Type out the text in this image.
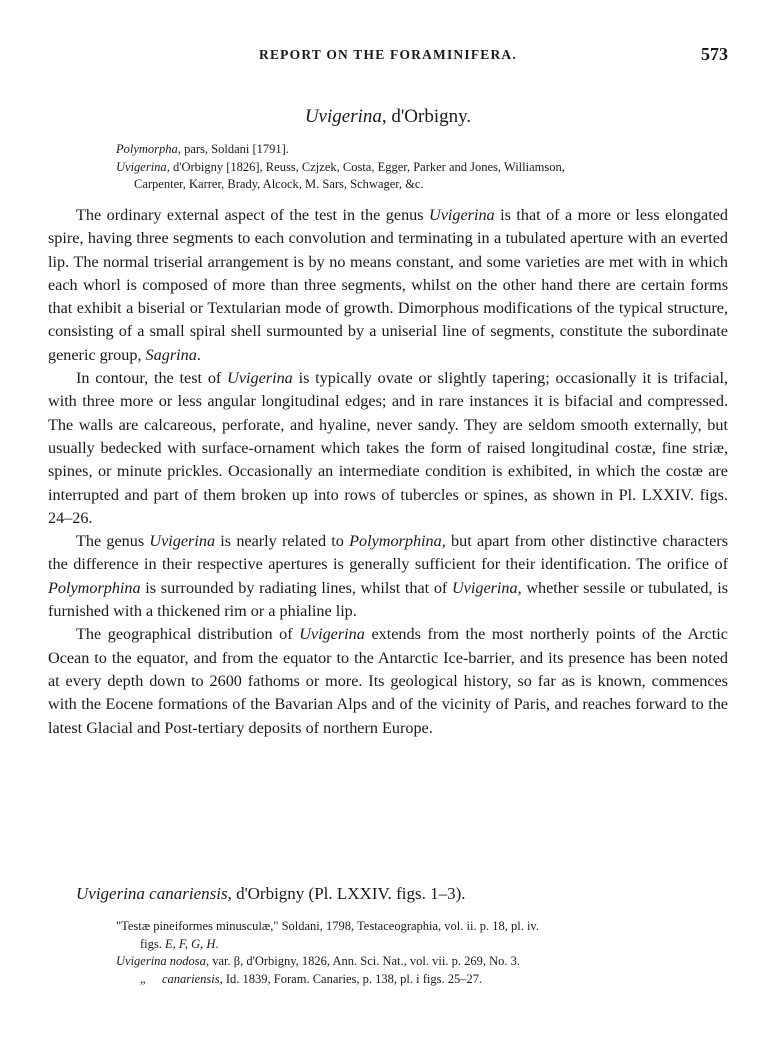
REPORT ON THE FORAMINIFERA.	573
Uvigerina, d'Orbigny.

Polymorpha, pars, Soldani [1791].

Uvigerina, d'Orbigny [1826], Reuss, Czjzek, Costa, Egger, Parker and Jones, Williamson,

Carpenter, Karrer, Brady, Alcock, M. Sars, Schwager, &c.

The ordinary external aspect of the test in the genus Uvigerina is that of a more or less elongated spire, having three segments to each convolution and terminating in a tubulated aperture with an everted lip. The normal triserial arrangement is by no means constant, and some varieties are met with in which each whorl is composed of more than three segments, whilst on the other hand there are certain forms that exhibit a biserial or Textularian mode of growth. Dimorphous modifications of the typical structure, consisting of a small spiral shell surmounted by a uniserial line of segments, constitute the subordinate generic group, Sagrina.

In contour, the test of Uvigerina is typically ovate or slightly tapering; occasionally it is trifacial, with three more or less angular longitudinal edges; and in rare instances it is bifacial and compressed. The walls are calcareous, perforate, and hyaline, never sandy. They are seldom smooth externally, but usually bedecked with surface-ornament which takes the form of raised longitudinal costæ, fine striæ, spines, or minute prickles. Occasionally an intermediate condition is exhibited, in which the costæ are interrupted and part of them broken up into rows of tubercles or spines, as shown in Pl. LXXIV. figs. 24–26.

The genus Uvigerina is nearly related to Polymorphina, but apart from other distinctive characters the difference in their respective apertures is generally sufficient for their identification. The orifice of Polymorphina is surrounded by radiating lines, whilst that of Uvigerina, whether sessile or tubulated, is furnished with a thickened rim or a phialine lip.

The geographical distribution of Uvigerina extends from the most northerly points of the Arctic Ocean to the equator, and from the equator to the Antarctic Ice-barrier, and its presence has been noted at every depth down to 2600 fathoms or more. Its geological history, so far as is known, commences with the Eocene formations of the Bavarian Alps and of the vicinity of Paris, and reaches forward to the latest Glacial and Post-tertiary deposits of northern Europe.

Uvigerina canariensis, d'Orbigny (Pl. LXXIV. figs. 1–3).

"Testæ pineiformes minusculæ," Soldani, 1798, Testaceographia, vol. ii. p. 18, pl. iv.

figs. E, F, G, H.

Uvigerina nodosa, var. β, d'Orbigny, 1826, Ann. Sci. Nat., vol. vii. p. 269, No. 3.

„ canariensis, Id. 1839, Foram. Canaries, p. 138, pl. i figs. 25–27.
